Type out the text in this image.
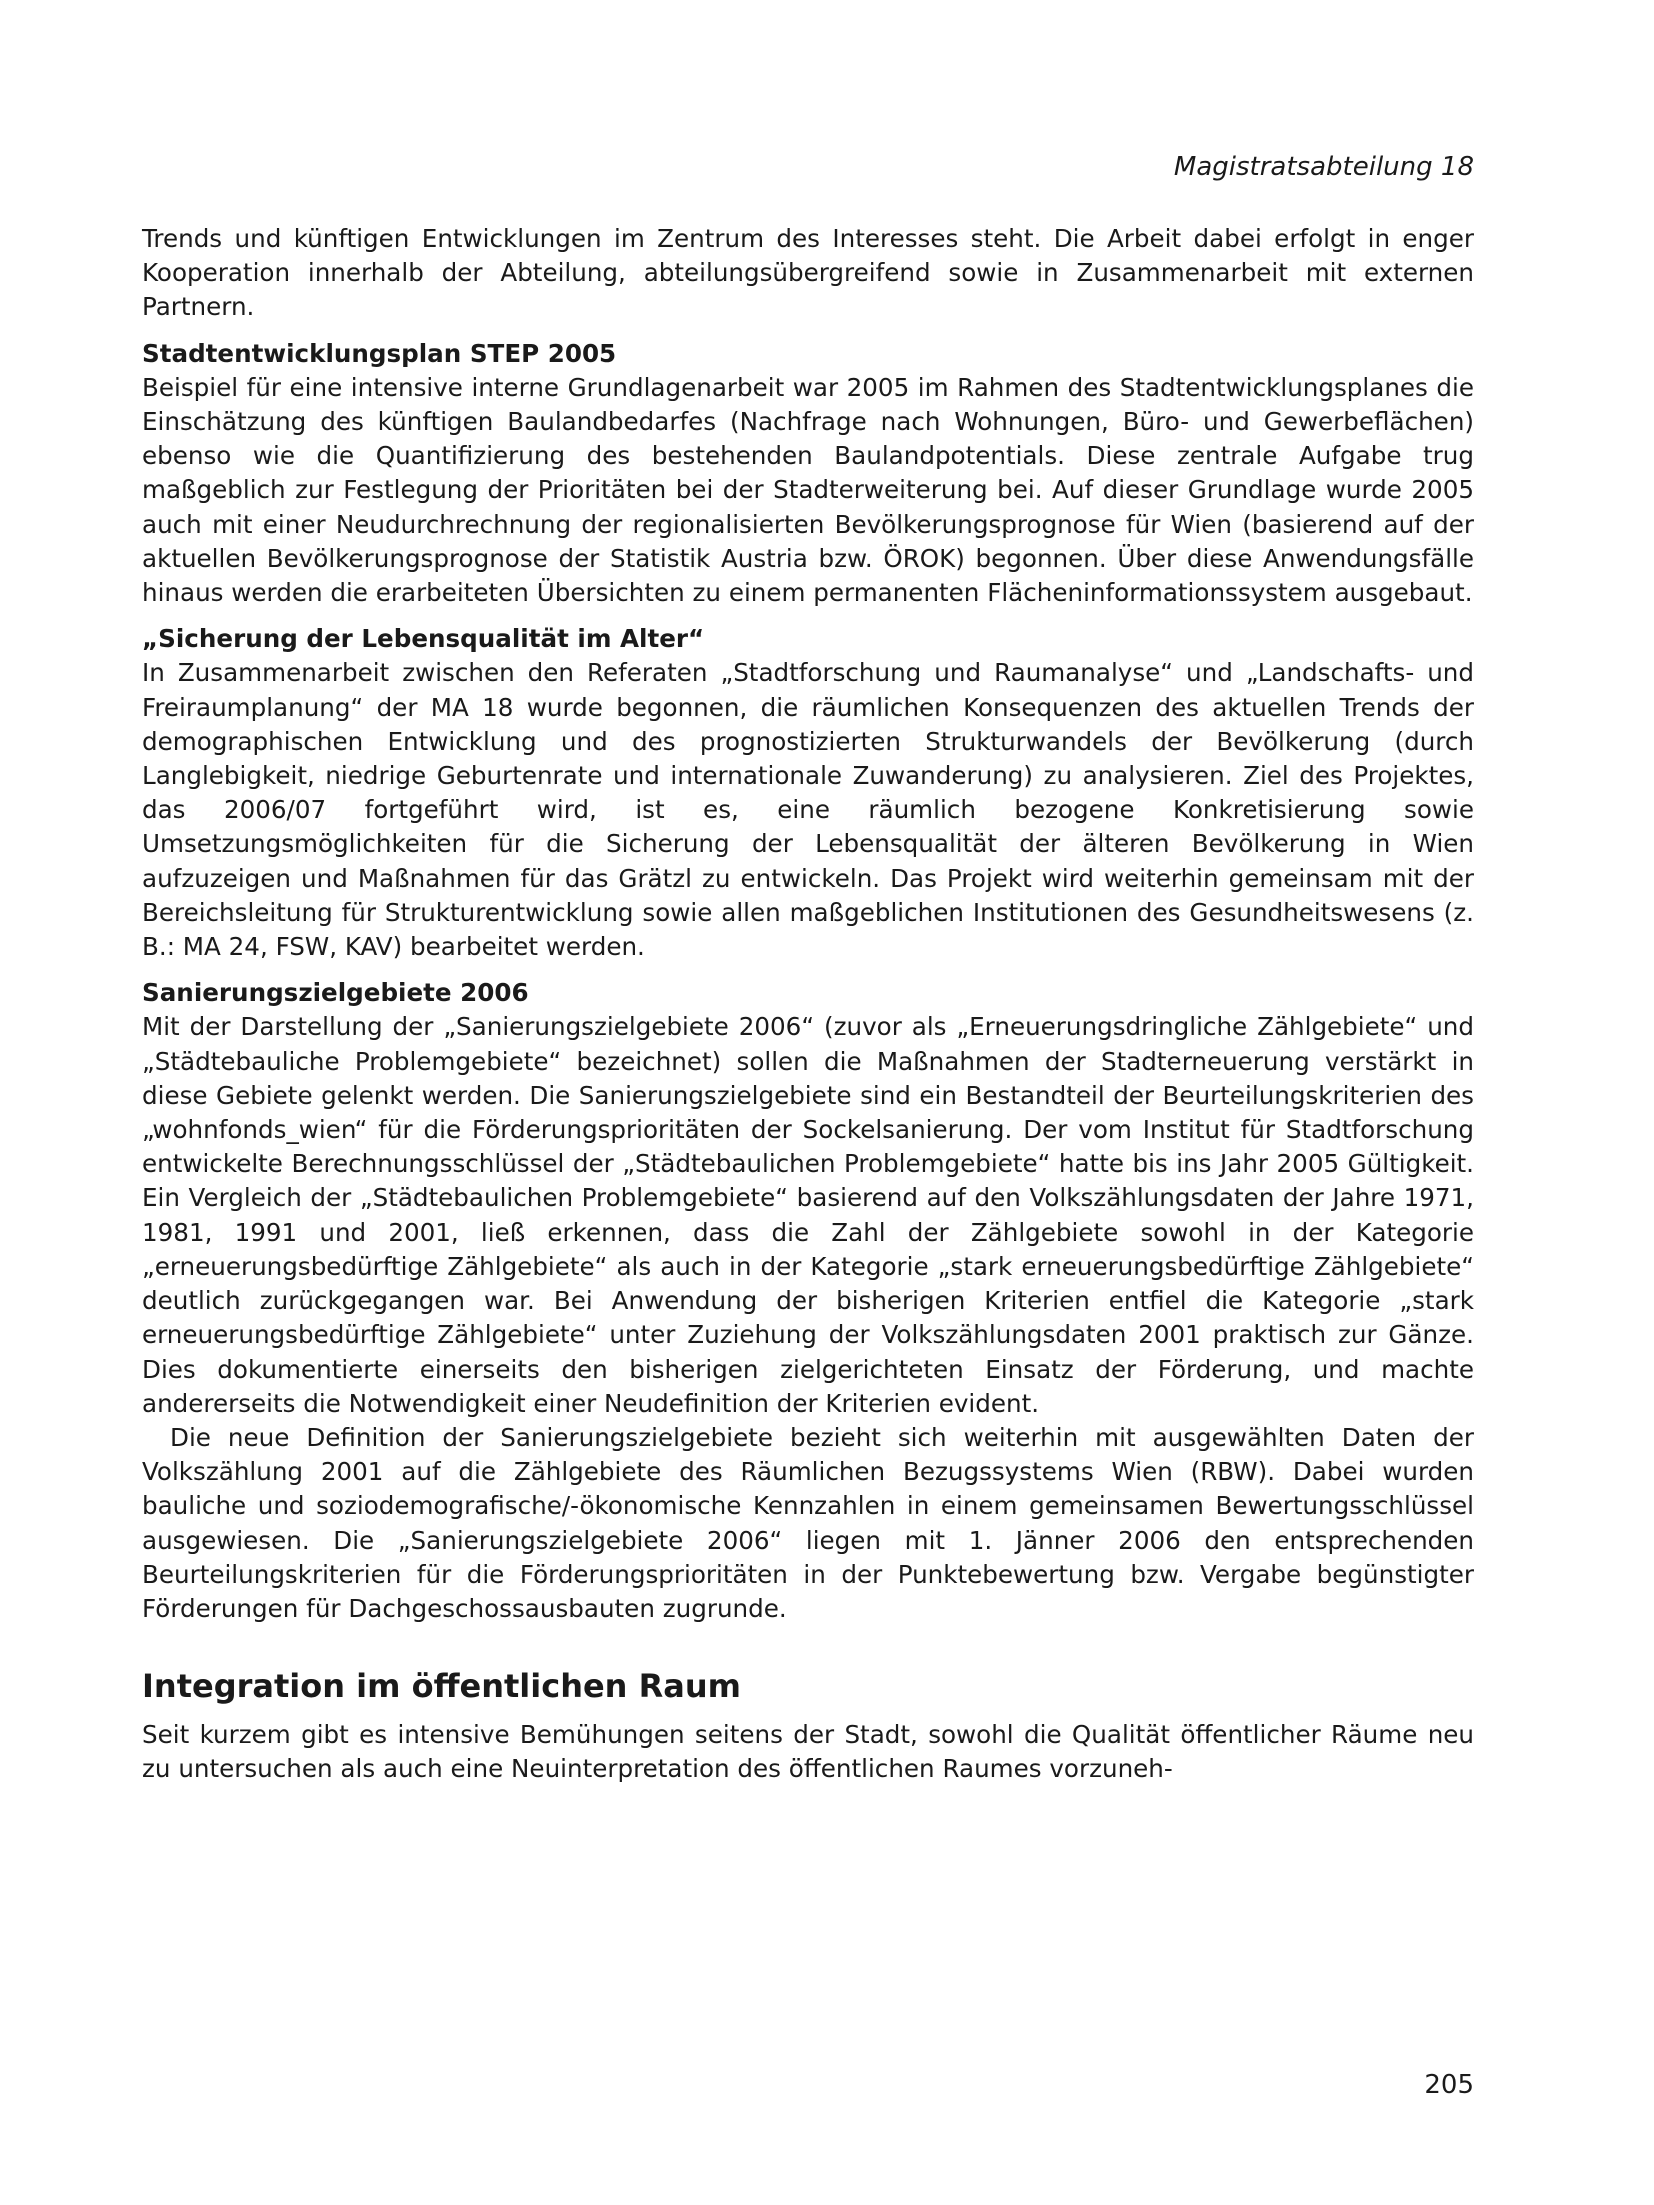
Magistratsabteilung 18

Trends und künftigen Entwicklungen im Zentrum des Interesses steht. Die Arbeit dabei erfolgt in enger Kooperation innerhalb der Abteilung, abteilungsübergreifend sowie in Zusammenarbeit mit externen Partnern.

Stadtentwicklungsplan STEP 2005

Beispiel für eine intensive interne Grundlagenarbeit war 2005 im Rahmen des Stadtentwicklungsplanes die Einschätzung des künftigen Baulandbedarfes (Nachfrage nach Wohnungen, Büro- und Gewerbeflächen) ebenso wie die Quantifizierung des bestehenden Baulandpotentials. Diese zentrale Aufgabe trug maßgeblich zur Festlegung der Prioritäten bei der Stadterweiterung bei. Auf dieser Grundlage wurde 2005 auch mit einer Neudurchrechnung der regionalisierten Bevölkerungsprognose für Wien (basierend auf der aktuellen Bevölkerungsprognose der Statistik Austria bzw. ÖROK) begonnen. Über diese Anwendungsfälle hinaus werden die erarbeiteten Übersichten zu einem permanenten Flächeninformationssystem ausgebaut.

„Sicherung der Lebensqualität im Alter“

In Zusammenarbeit zwischen den Referaten „Stadtforschung und Raumanalyse“ und „Landschafts- und Freiraumplanung“ der MA 18 wurde begonnen, die räumlichen Konsequenzen des aktuellen Trends der demographischen Entwicklung und des prognostizierten Strukturwandels der Bevölkerung (durch Langlebigkeit, niedrige Geburtenrate und internationale Zuwanderung) zu analysieren. Ziel des Projektes, das 2006/07 fortgeführt wird, ist es, eine räumlich bezogene Konkretisierung sowie Umsetzungsmöglichkeiten für die Sicherung der Lebensqualität der älteren Bevölkerung in Wien aufzuzeigen und Maßnahmen für das Grätzl zu entwickeln. Das Projekt wird weiterhin gemeinsam mit der Bereichsleitung für Strukturentwicklung sowie allen maßgeblichen Institutionen des Gesundheitswesens (z. B.: MA 24, FSW, KAV) bearbeitet werden.

Sanierungszielgebiete 2006

Mit der Darstellung der „Sanierungszielgebiete 2006“ (zuvor als „Erneuerungsdringliche Zählgebiete“ und „Städtebauliche Problemgebiete“ bezeichnet) sollen die Maßnahmen der Stadterneuerung verstärkt in diese Gebiete gelenkt werden. Die Sanierungszielgebiete sind ein Bestandteil der Beurteilungskriterien des „wohnfonds_wien“ für die Förderungsprioritäten der Sockelsanierung. Der vom Institut für Stadtforschung entwickelte Berechnungsschlüssel der „Städtebaulichen Problemgebiete“ hatte bis ins Jahr 2005 Gültigkeit. Ein Vergleich der „Städtebaulichen Problemgebiete“ basierend auf den Volkszählungsdaten der Jahre 1971, 1981, 1991 und 2001, ließ erkennen, dass die Zahl der Zählgebiete sowohl in der Kategorie „erneuerungsbedürftige Zählgebiete“ als auch in der Kategorie „stark erneuerungsbedürftige Zählgebiete“ deutlich zurückgegangen war. Bei Anwendung der bisherigen Kriterien entfiel die Kategorie „stark erneuerungsbedürftige Zählgebiete“ unter Zuziehung der Volkszählungsdaten 2001 praktisch zur Gänze. Dies dokumentierte einerseits den bisherigen zielgerichteten Einsatz der Förderung, und machte andererseits die Notwendigkeit einer Neudefinition der Kriterien evident.

Die neue Definition der Sanierungszielgebiete bezieht sich weiterhin mit ausgewählten Daten der Volkszählung 2001 auf die Zählgebiete des Räumlichen Bezugssystems Wien (RBW). Dabei wurden bauliche und soziodemografische/-ökonomische Kennzahlen in einem gemeinsamen Bewertungsschlüssel ausgewiesen. Die „Sanierungszielgebiete 2006“ liegen mit 1. Jänner 2006 den entsprechenden Beurteilungskriterien für die Förderungsprioritäten in der Punktebewertung bzw. Vergabe begünstigter Förderungen für Dachgeschossausbauten zugrunde.

Integration im öffentlichen Raum

Seit kurzem gibt es intensive Bemühungen seitens der Stadt, sowohl die Qualität öffentlicher Räume neu zu untersuchen als auch eine Neuinterpretation des öffentlichen Raumes vorzuneh-

205
